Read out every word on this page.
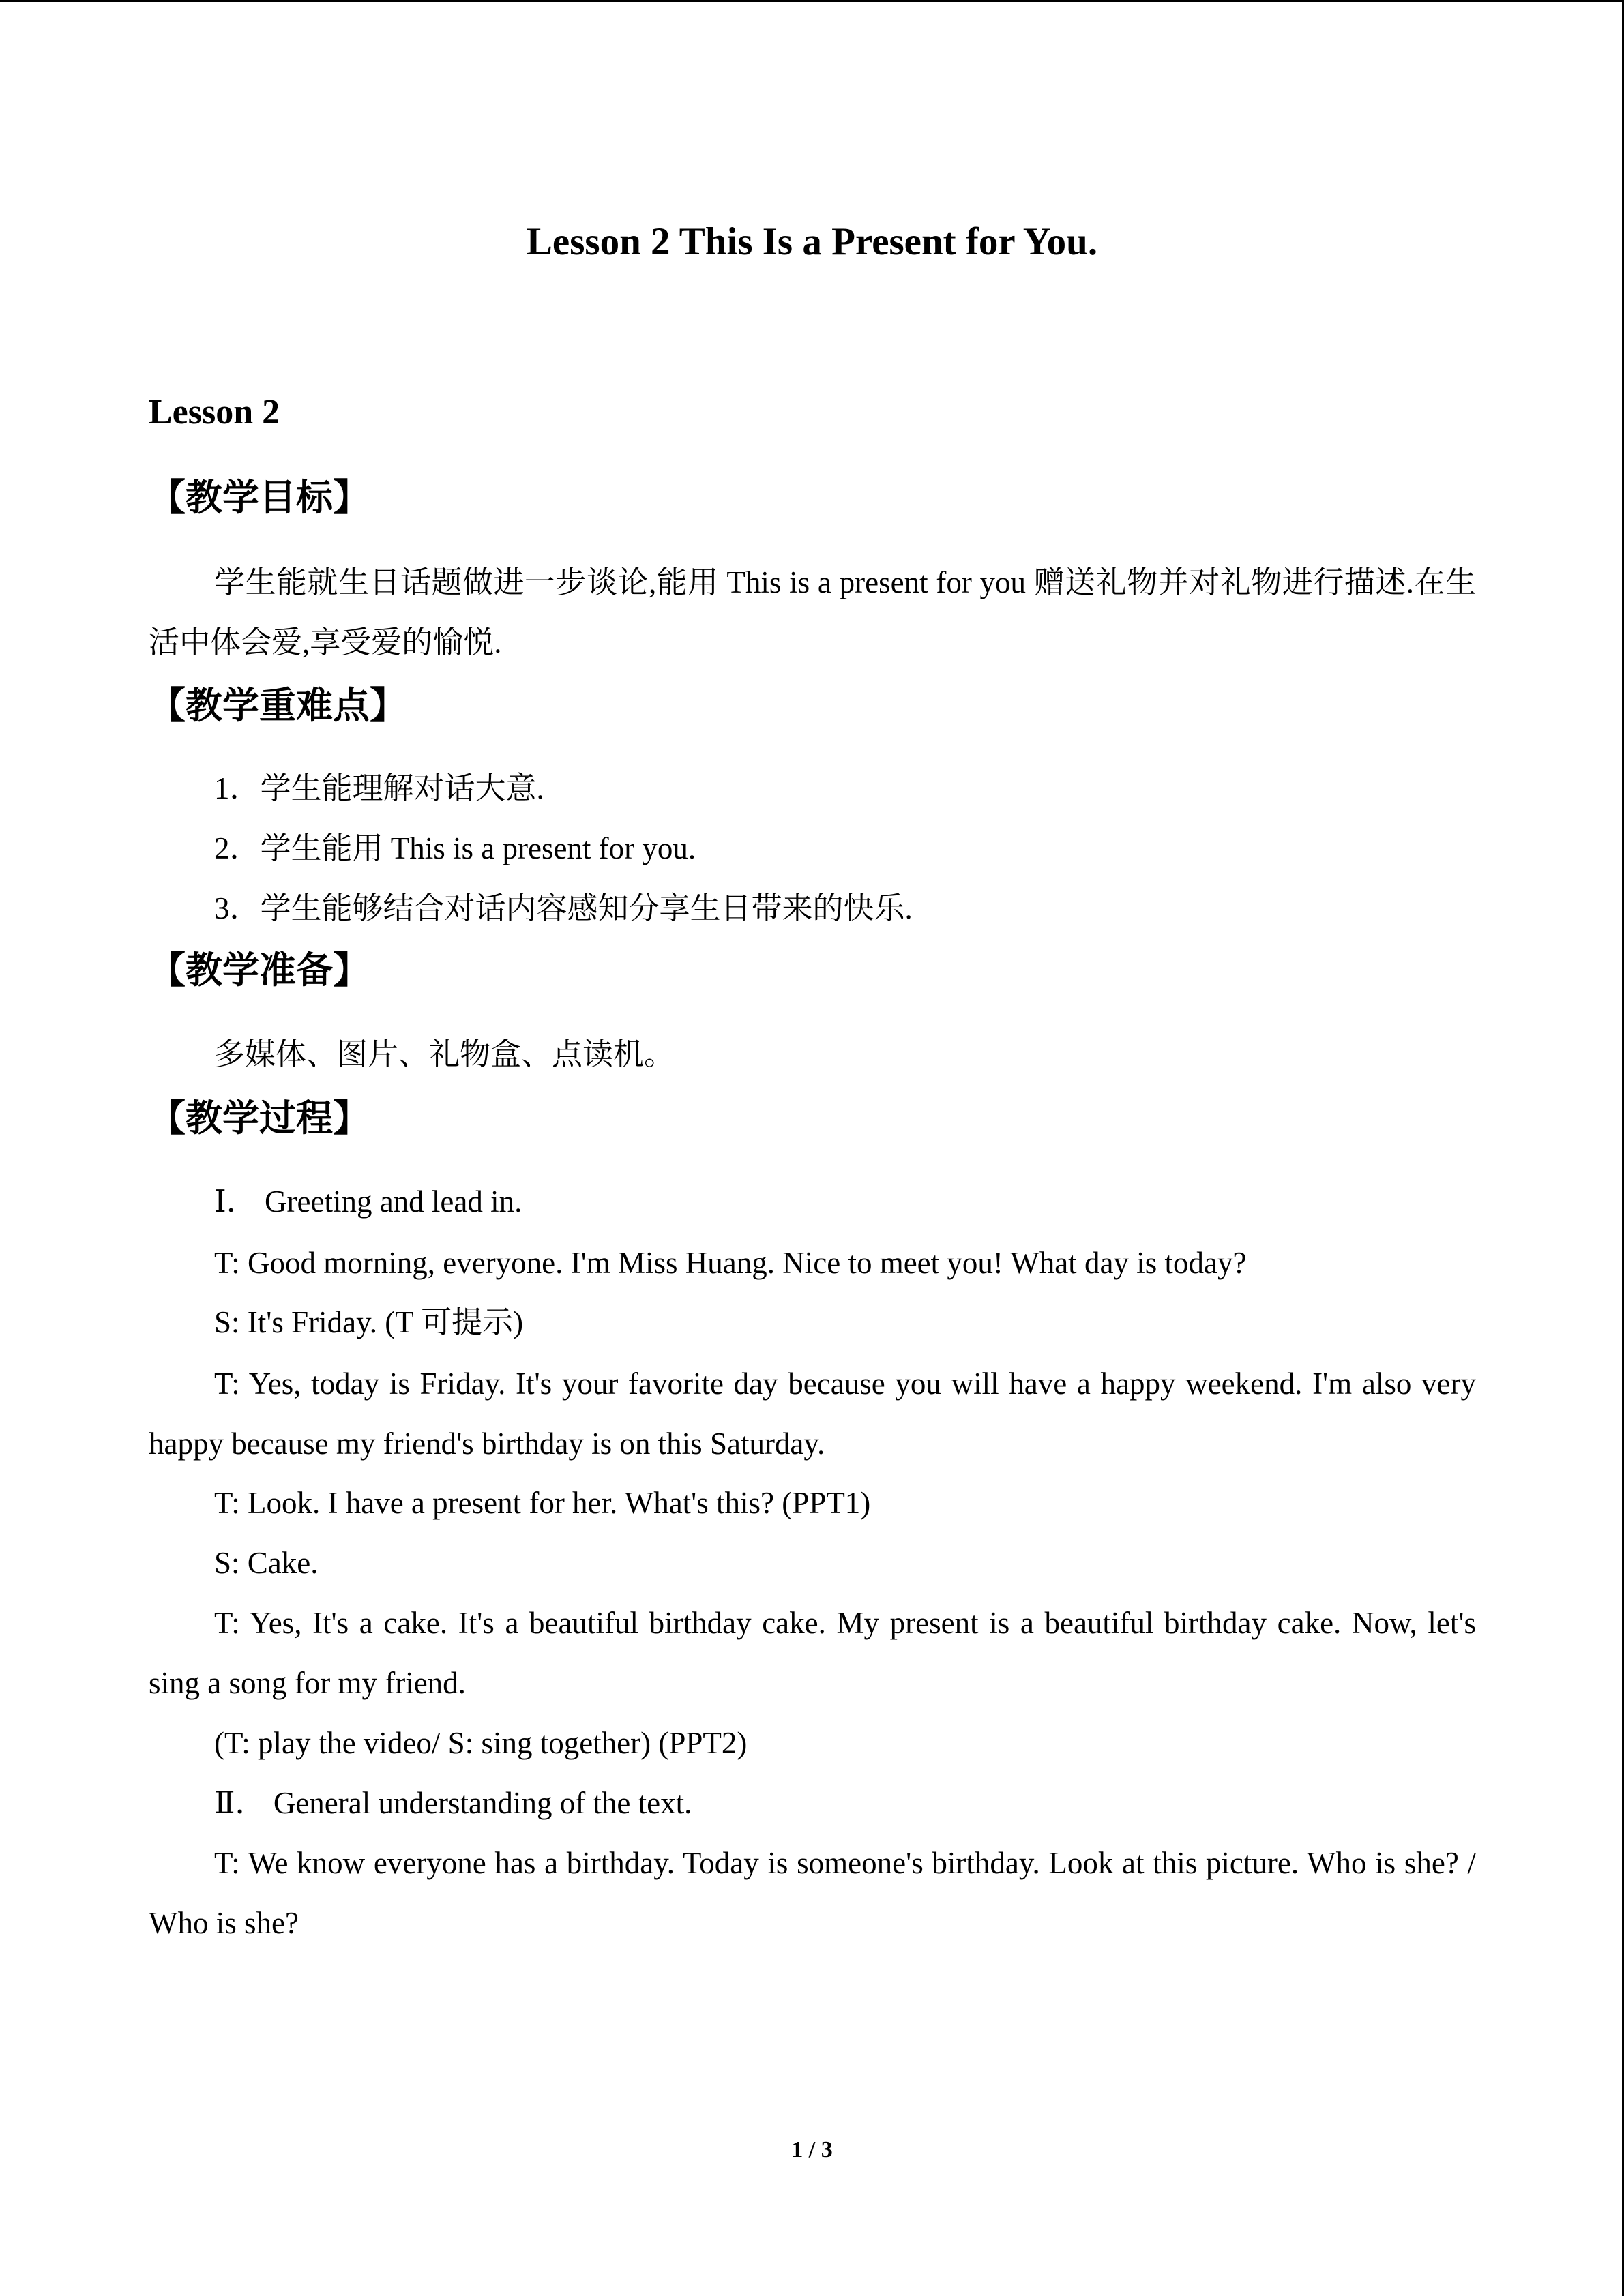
Lesson 2 This Is a Present for You.
Lesson 2
【教学目标】
学生能就生日话题做进一步谈论,能用 This is a present for you 赠送礼物并对礼物进行描述.在生活中体会爱,享受爱的愉悦.
【教学重难点】
1．学生能理解对话大意.
2．学生能用 This is a present for you.
3．学生能够结合对话内容感知分享生日带来的快乐.
【教学准备】
多媒体、图片、礼物盒、点读机。
【教学过程】
Ⅰ． Greeting and lead in.
T: Good morning, everyone. I'm Miss Huang. Nice to meet you! What day is today?
S: It's Friday. (T 可提示)
T: Yes, today is Friday. It's your favorite day because you will have a happy weekend. I'm also very happy because my friend's birthday is on this Saturday.
T: Look. I have a present for her. What's this? (PPT1)
S: Cake.
T: Yes, It's a cake. It's a beautiful birthday cake. My present is a beautiful birthday cake. Now, let's sing a song for my friend.
(T: play the video/ S: sing together) (PPT2)
Ⅱ． General understanding of the text.
T: We know everyone has a birthday. Today is someone's birthday. Look at this picture. Who is she? / Who is she?
1 / 3
